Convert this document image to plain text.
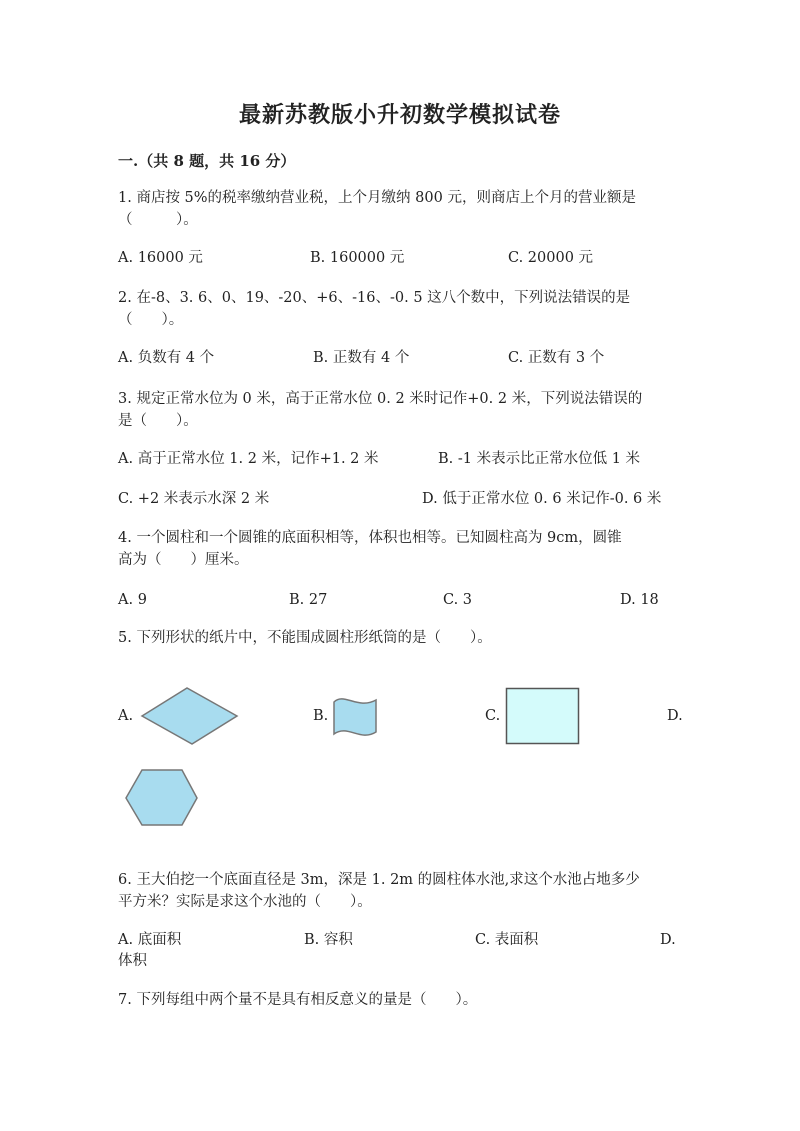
最新苏教版小升初数学模拟试卷
一.（共 8 题，共 16 分）
1. 商店按 5%的税率缴纳营业税，上个月缴纳 800 元，则商店上个月的营业额是
（　　　）。
A. 16000 元	B. 160000 元	C. 20000 元
2. 在-8、3. 6、0、19、-20、+6、-16、-0. 5 这八个数中，下列说法错误的是
（　　）。
A. 负数有 4 个	B. 正数有 4 个	C. 正数有 3 个
3. 规定正常水位为 0 米，高于正常水位 0. 2 米时记作+0. 2 米，下列说法错误的
是（　　）。
A. 高于正常水位 1. 2 米，记作+1. 2 米	B. -1 米表示比正常水位低 1 米
C. +2 米表示水深 2 米	D. 低于正常水位 0. 6 米记作-0. 6 米
4. 一个圆柱和一个圆锥的底面积相等，体积也相等。已知圆柱高为 9cm，圆锥
高为（　　）厘米。
A. 9	B. 27	C. 3	D. 18
5. 下列形状的纸片中，不能围成圆柱形纸筒的是（　　）。
A.	B.	C.	D.
6. 王大伯挖一个底面直径是 3m，深是 1. 2m 的圆柱体水池,求这个水池占地多少
平方米？实际是求这个水池的（　　）。
A. 底面积	B. 容积	C. 表面积	D.
体积
7. 下列每组中两个量不是具有相反意义的量是（　　）。
